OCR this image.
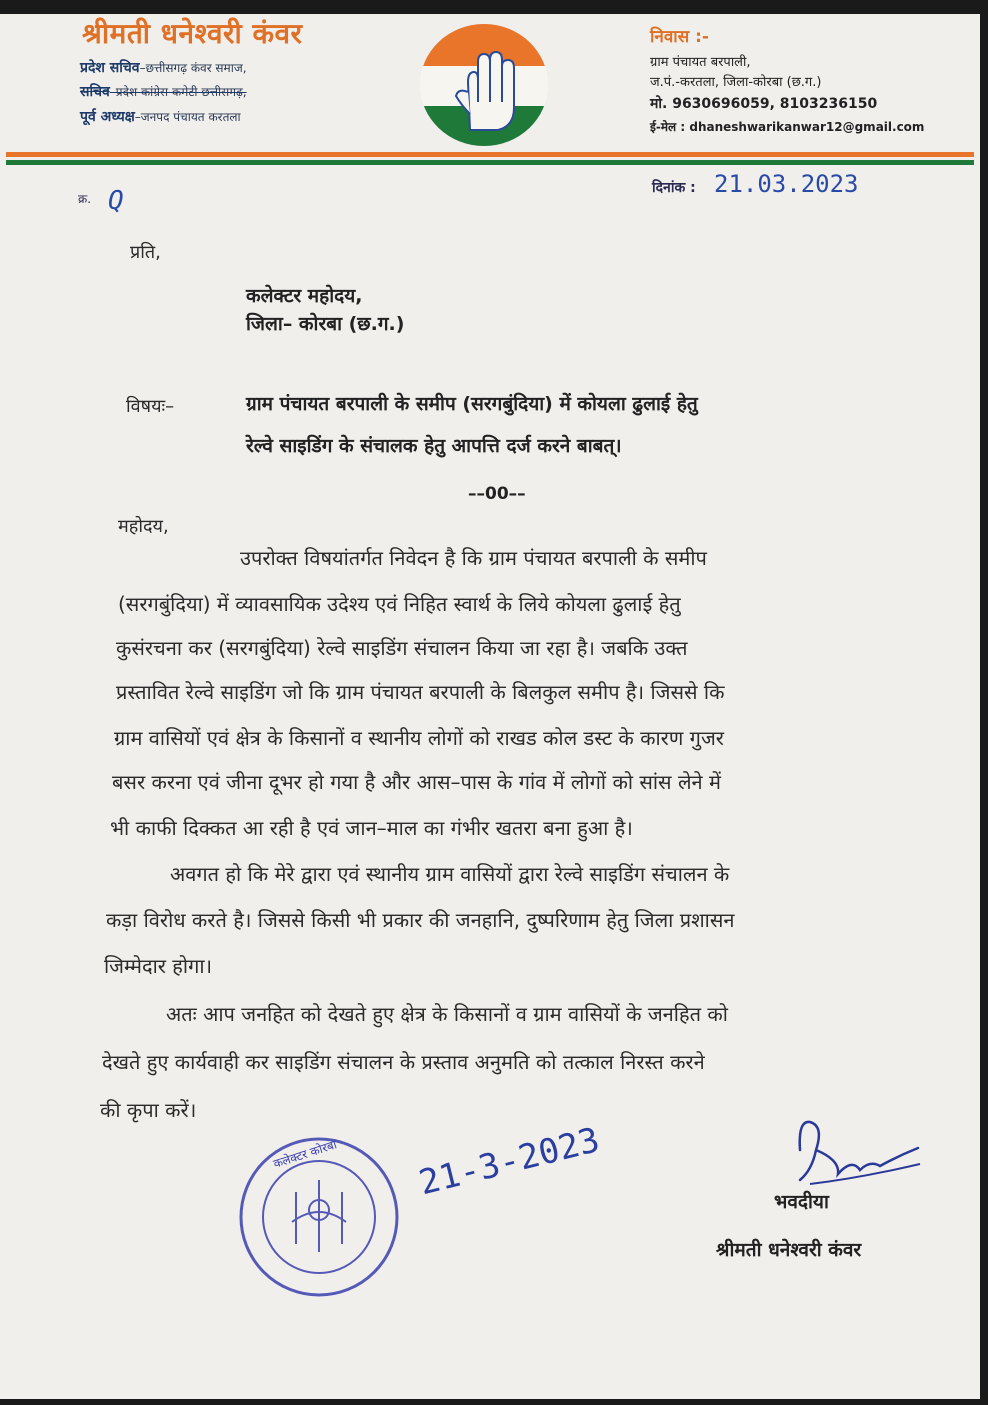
श्रीमती धनेश्वरी कंवर
प्रदेश सचिव–छत्तीसगढ़ कंवर समाज,
सचिव–प्रदेश कांग्रेस कमेटी छत्तीसगढ़,
पूर्व अध्यक्ष–जनपद पंचायत करतला
निवास :-
ग्राम पंचायत बरपाली,
ज.पं.-करतला, जिला-कोरबा (छ.ग.)
मो. 9630696059, 8103236150
ई-मेल : dhaneshwarikanwar12@gmail.com
क्र. Q	दिनांक : 21.03.2023
प्रति,
कलेक्टर महोदय,
जिला– कोरबा (छ.ग.)
विषयः–	ग्राम पंचायत बरपाली के समीप (सरगबुंदिया) में कोयला ढुलाई हेतु
रेल्वे साइडिंग के संचालक हेतु आपत्ति दर्ज करने बाबत्।
––00––
महोदय,
उपरोक्त विषयांतर्गत निवेदन है कि ग्राम पंचायत बरपाली के समीप
(सरगबुंदिया) में व्यावसायिक उदेश्य एवं निहित स्वार्थ के लिये कोयला ढुलाई हेतु
कुसंरचना कर (सरगबुंदिया) रेल्वे साइडिंग संचालन किया जा रहा है। जबकि उक्त
प्रस्तावित रेल्वे साइडिंग जो कि ग्राम पंचायत बरपाली के बिलकुल समीप है। जिससे कि
ग्राम वासियों एवं क्षेत्र के किसानों व स्थानीय लोगों को राखड कोल डस्ट के कारण गुजर
बसर करना एवं जीना दूभर हो गया है और आस–पास के गांव में लोगों को सांस लेने में
भी काफी दिक्कत आ रही है एवं जान–माल का गंभीर खतरा बना हुआ है।
अवगत हो कि मेरे द्वारा एवं स्थानीय ग्राम वासियों द्वारा रेल्वे साइडिंग संचालन के
कड़ा विरोध करते है। जिससे किसी भी प्रकार की जनहानि, दुष्परिणाम हेतु जिला प्रशासन
जिम्मेदार होगा।
अतः आप जनहित को देखते हुए क्षेत्र के किसानों व ग्राम वासियों के जनहित को
देखते हुए कार्यवाही कर साइडिंग संचालन के प्रस्ताव अनुमति को तत्काल निरस्त करने
की कृपा करें।
कलेक्टर कोरबा 21-3-2023	भवदीया
श्रीमती धनेश्वरी कंवर
